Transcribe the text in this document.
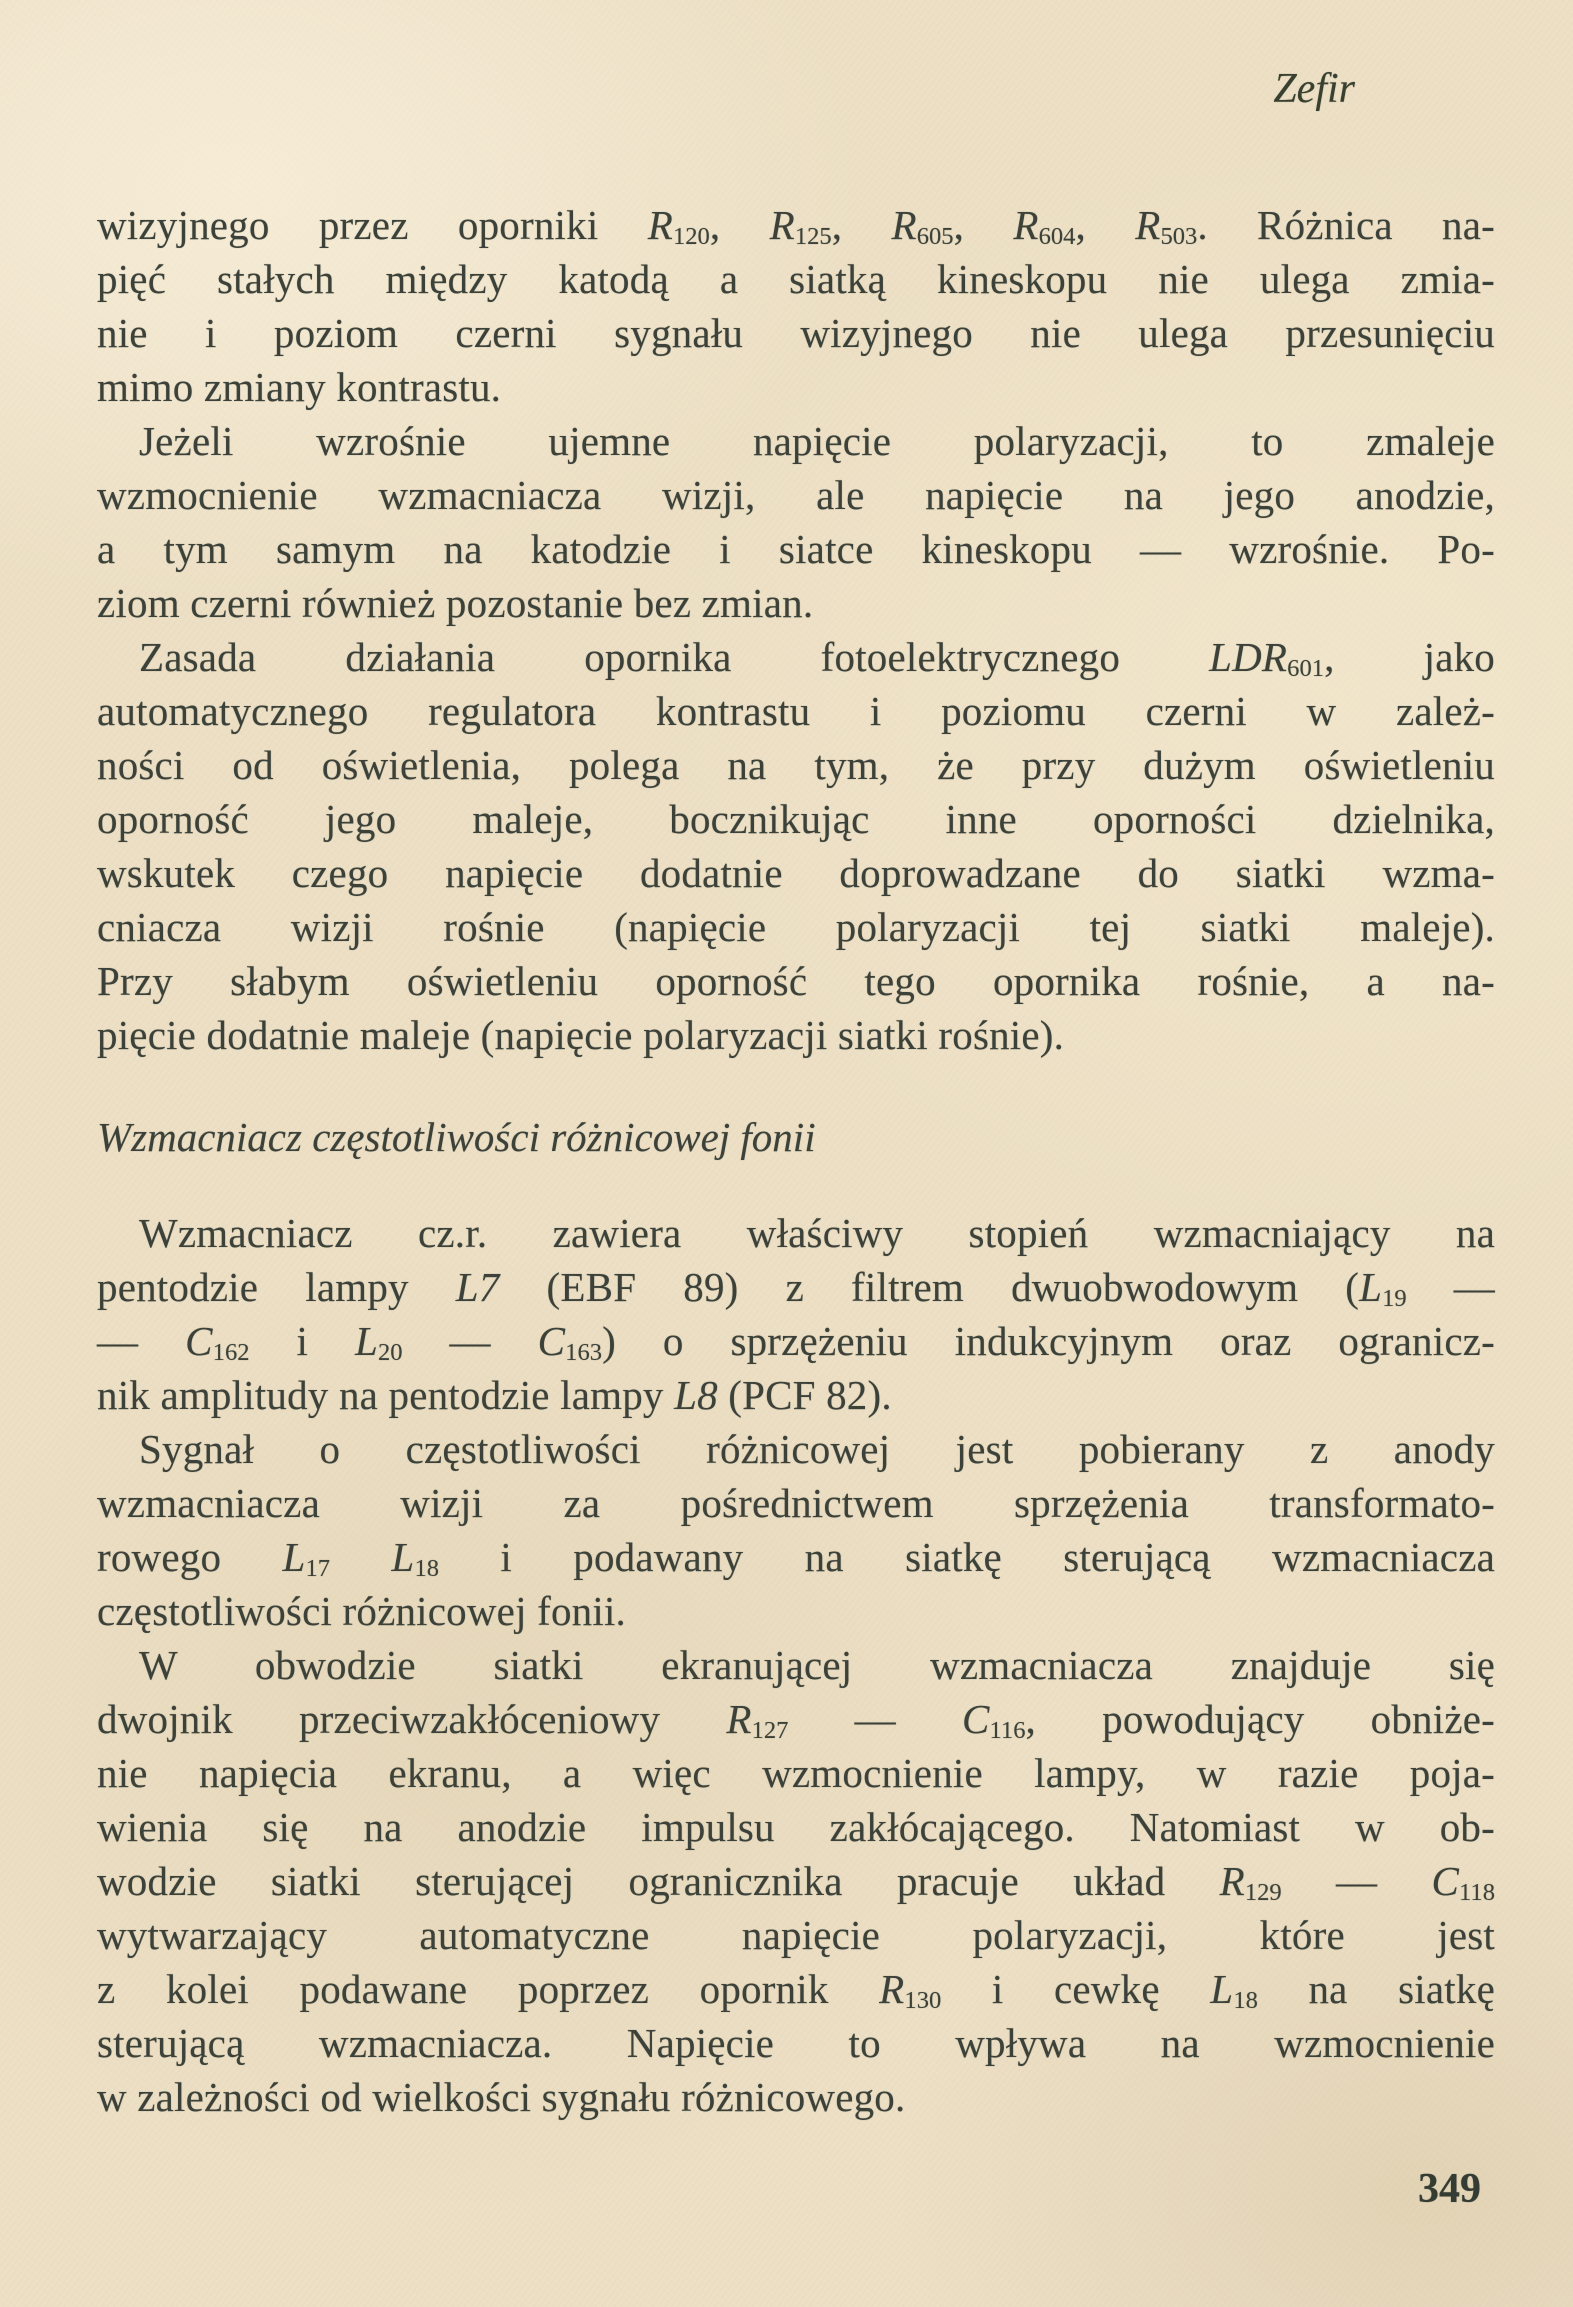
Zefir
wizyjnego przez oporniki R120, R125, R605, R604, R503. Różnica na-
pięć stałych między katodą a siatką kineskopu nie ulega zmia-
nie i poziom czerni sygnału wizyjnego nie ulega przesunięciu
mimo zmiany kontrastu.
Jeżeli wzrośnie ujemne napięcie polaryzacji, to zmaleje
wzmocnienie wzmacniacza wizji, ale napięcie na jego anodzie,
a tym samym na katodzie i siatce kineskopu — wzrośnie. Po-
ziom czerni również pozostanie bez zmian.
Zasada działania opornika fotoelektrycznego LDR601, jako
automatycznego regulatora kontrastu i poziomu czerni w zależ-
ności od oświetlenia, polega na tym, że przy dużym oświetleniu
oporność jego maleje, bocznikując inne oporności dzielnika,
wskutek czego napięcie dodatnie doprowadzane do siatki wzma-
cniacza wizji rośnie (napięcie polaryzacji tej siatki maleje).
Przy słabym oświetleniu oporność tego opornika rośnie, a na-
pięcie dodatnie maleje (napięcie polaryzacji siatki rośnie).
Wzmacniacz częstotliwości różnicowej fonii
Wzmacniacz cz.r. zawiera właściwy stopień wzmacniający na
pentodzie lampy L7 (EBF 89) z filtrem dwuobwodowym (L19 —
— C162 i L20 — C163) o sprzężeniu indukcyjnym oraz ogranicz-
nik amplitudy na pentodzie lampy L8 (PCF 82).
Sygnał o częstotliwości różnicowej jest pobierany z anody
wzmacniacza wizji za pośrednictwem sprzężenia transformato-
rowego L17 L18 i podawany na siatkę sterującą wzmacniacza
częstotliwości różnicowej fonii.
W obwodzie siatki ekranującej wzmacniacza znajduje się
dwojnik przeciwzakłóceniowy R127 — C116, powodujący obniże-
nie napięcia ekranu, a więc wzmocnienie lampy, w razie poja-
wienia się na anodzie impulsu zakłócającego. Natomiast w ob-
wodzie siatki sterującej ogranicznika pracuje układ R129 — C118
wytwarzający automatyczne napięcie polaryzacji, które jest
z kolei podawane poprzez opornik R130 i cewkę L18 na siatkę
sterującą wzmacniacza. Napięcie to wpływa na wzmocnienie
w zależności od wielkości sygnału różnicowego.
349
